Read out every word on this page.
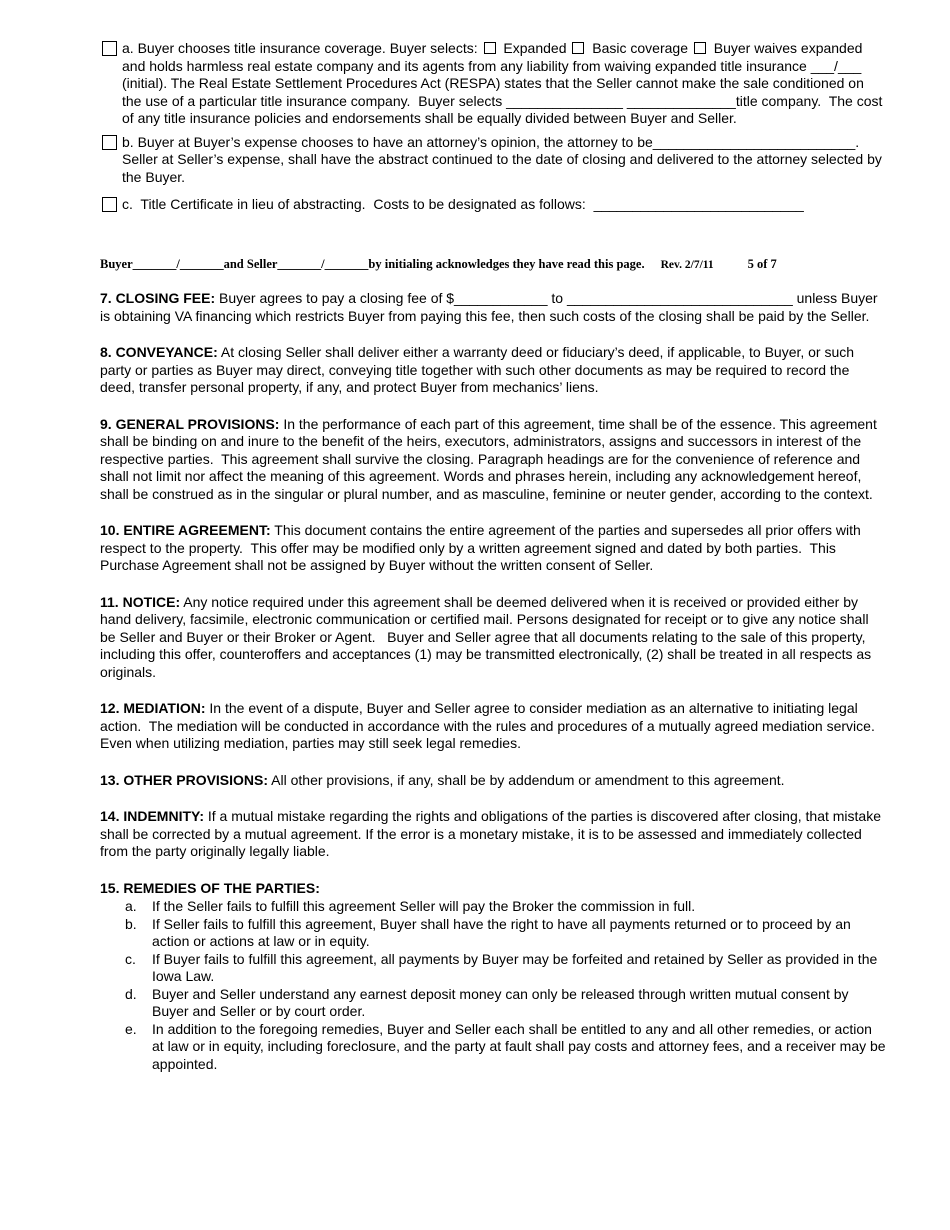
a. Buyer chooses title insurance coverage. Buyer selects: Expanded Basic coverage Buyer waives expanded and holds harmless real estate company and its agents from any liability from waiving expanded title insurance ___/___ (initial). The Real Estate Settlement Procedures Act (RESPA) states that the Seller cannot make the sale conditioned on the use of a particular title insurance company.  Buyer selects _______________ ______________title company.  The cost of any title insurance policies and endorsements shall be equally divided between Buyer and Seller.
b. Buyer at Buyer’s expense chooses to have an attorney’s opinion, the attorney to be__________________________.  Seller at Seller’s expense, shall have the abstract continued to the date of closing and delivered to the attorney selected by the Buyer.
c.  Title Certificate in lieu of abstracting.  Costs to be designated as follows:  ___________________________
Buyer_______/_______and Seller_______/_______by initialing acknowledges they have read this page. Rev. 2/7/11	5 of 7

7. CLOSING FEE: Buyer agrees to pay a closing fee of $____________ to _____________________________ unless Buyer is obtaining VA financing which restricts Buyer from paying this fee, then such costs of the closing shall be paid by the Seller.

8. CONVEYANCE: At closing Seller shall deliver either a warranty deed or fiduciary’s deed, if applicable, to Buyer, or such party or parties as Buyer may direct, conveying title together with such other documents as may be required to record the deed, transfer personal property, if any, and protect Buyer from mechanics’ liens.

9. GENERAL PROVISIONS: In the performance of each part of this agreement, time shall be of the essence. This agreement shall be binding on and inure to the benefit of the heirs, executors, administrators, assigns and successors in interest of the respective parties.  This agreement shall survive the closing. Paragraph headings are for the convenience of reference and shall not limit nor affect the meaning of this agreement. Words and phrases herein, including any acknowledgement hereof, shall be construed as in the singular or plural number, and as masculine, feminine or neuter gender, according to the context.

10. ENTIRE AGREEMENT: This document contains the entire agreement of the parties and supersedes all prior offers with respect to the property.  This offer may be modified only by a written agreement signed and dated by both parties.  This Purchase Agreement shall not be assigned by Buyer without the written consent of Seller.

11. NOTICE: Any notice required under this agreement shall be deemed delivered when it is received or provided either by hand delivery, facsimile, electronic communication or certified mail. Persons designated for receipt or to give any notice shall be Seller and Buyer or their Broker or Agent.   Buyer and Seller agree that all documents relating to the sale of this property, including this offer, counteroffers and acceptances (1) may be transmitted electronically, (2) shall be treated in all respects as originals.

12. MEDIATION: In the event of a dispute, Buyer and Seller agree to consider mediation as an alternative to initiating legal action.  The mediation will be conducted in accordance with the rules and procedures of a mutually agreed mediation service.  Even when utilizing mediation, parties may still seek legal remedies.

13. OTHER PROVISIONS: All other provisions, if any, shall be by addendum or amendment to this agreement.

14. INDEMNITY: If a mutual mistake regarding the rights and obligations of the parties is discovered after closing, that mistake shall be corrected by a mutual agreement. If the error is a monetary mistake, it is to be assessed and immediately collected from the party originally legally liable.

15. REMEDIES OF THE PARTIES:

a.	If the Seller fails to fulfill this agreement Seller will pay the Broker the commission in full.
b.	If Seller fails to fulfill this agreement, Buyer shall have the right to have all payments returned or to proceed by an action or actions at law or in equity.
c.	If Buyer fails to fulfill this agreement, all payments by Buyer may be forfeited and retained by Seller as provided in the Iowa Law.
d.	Buyer and Seller understand any earnest deposit money can only be released through written mutual consent by Buyer and Seller or by court order.
e.	In addition to the foregoing remedies, Buyer and Seller each shall be entitled to any and all other remedies, or action at law or in equity, including foreclosure, and the party at fault shall pay costs and attorney fees, and a receiver may be appointed.
